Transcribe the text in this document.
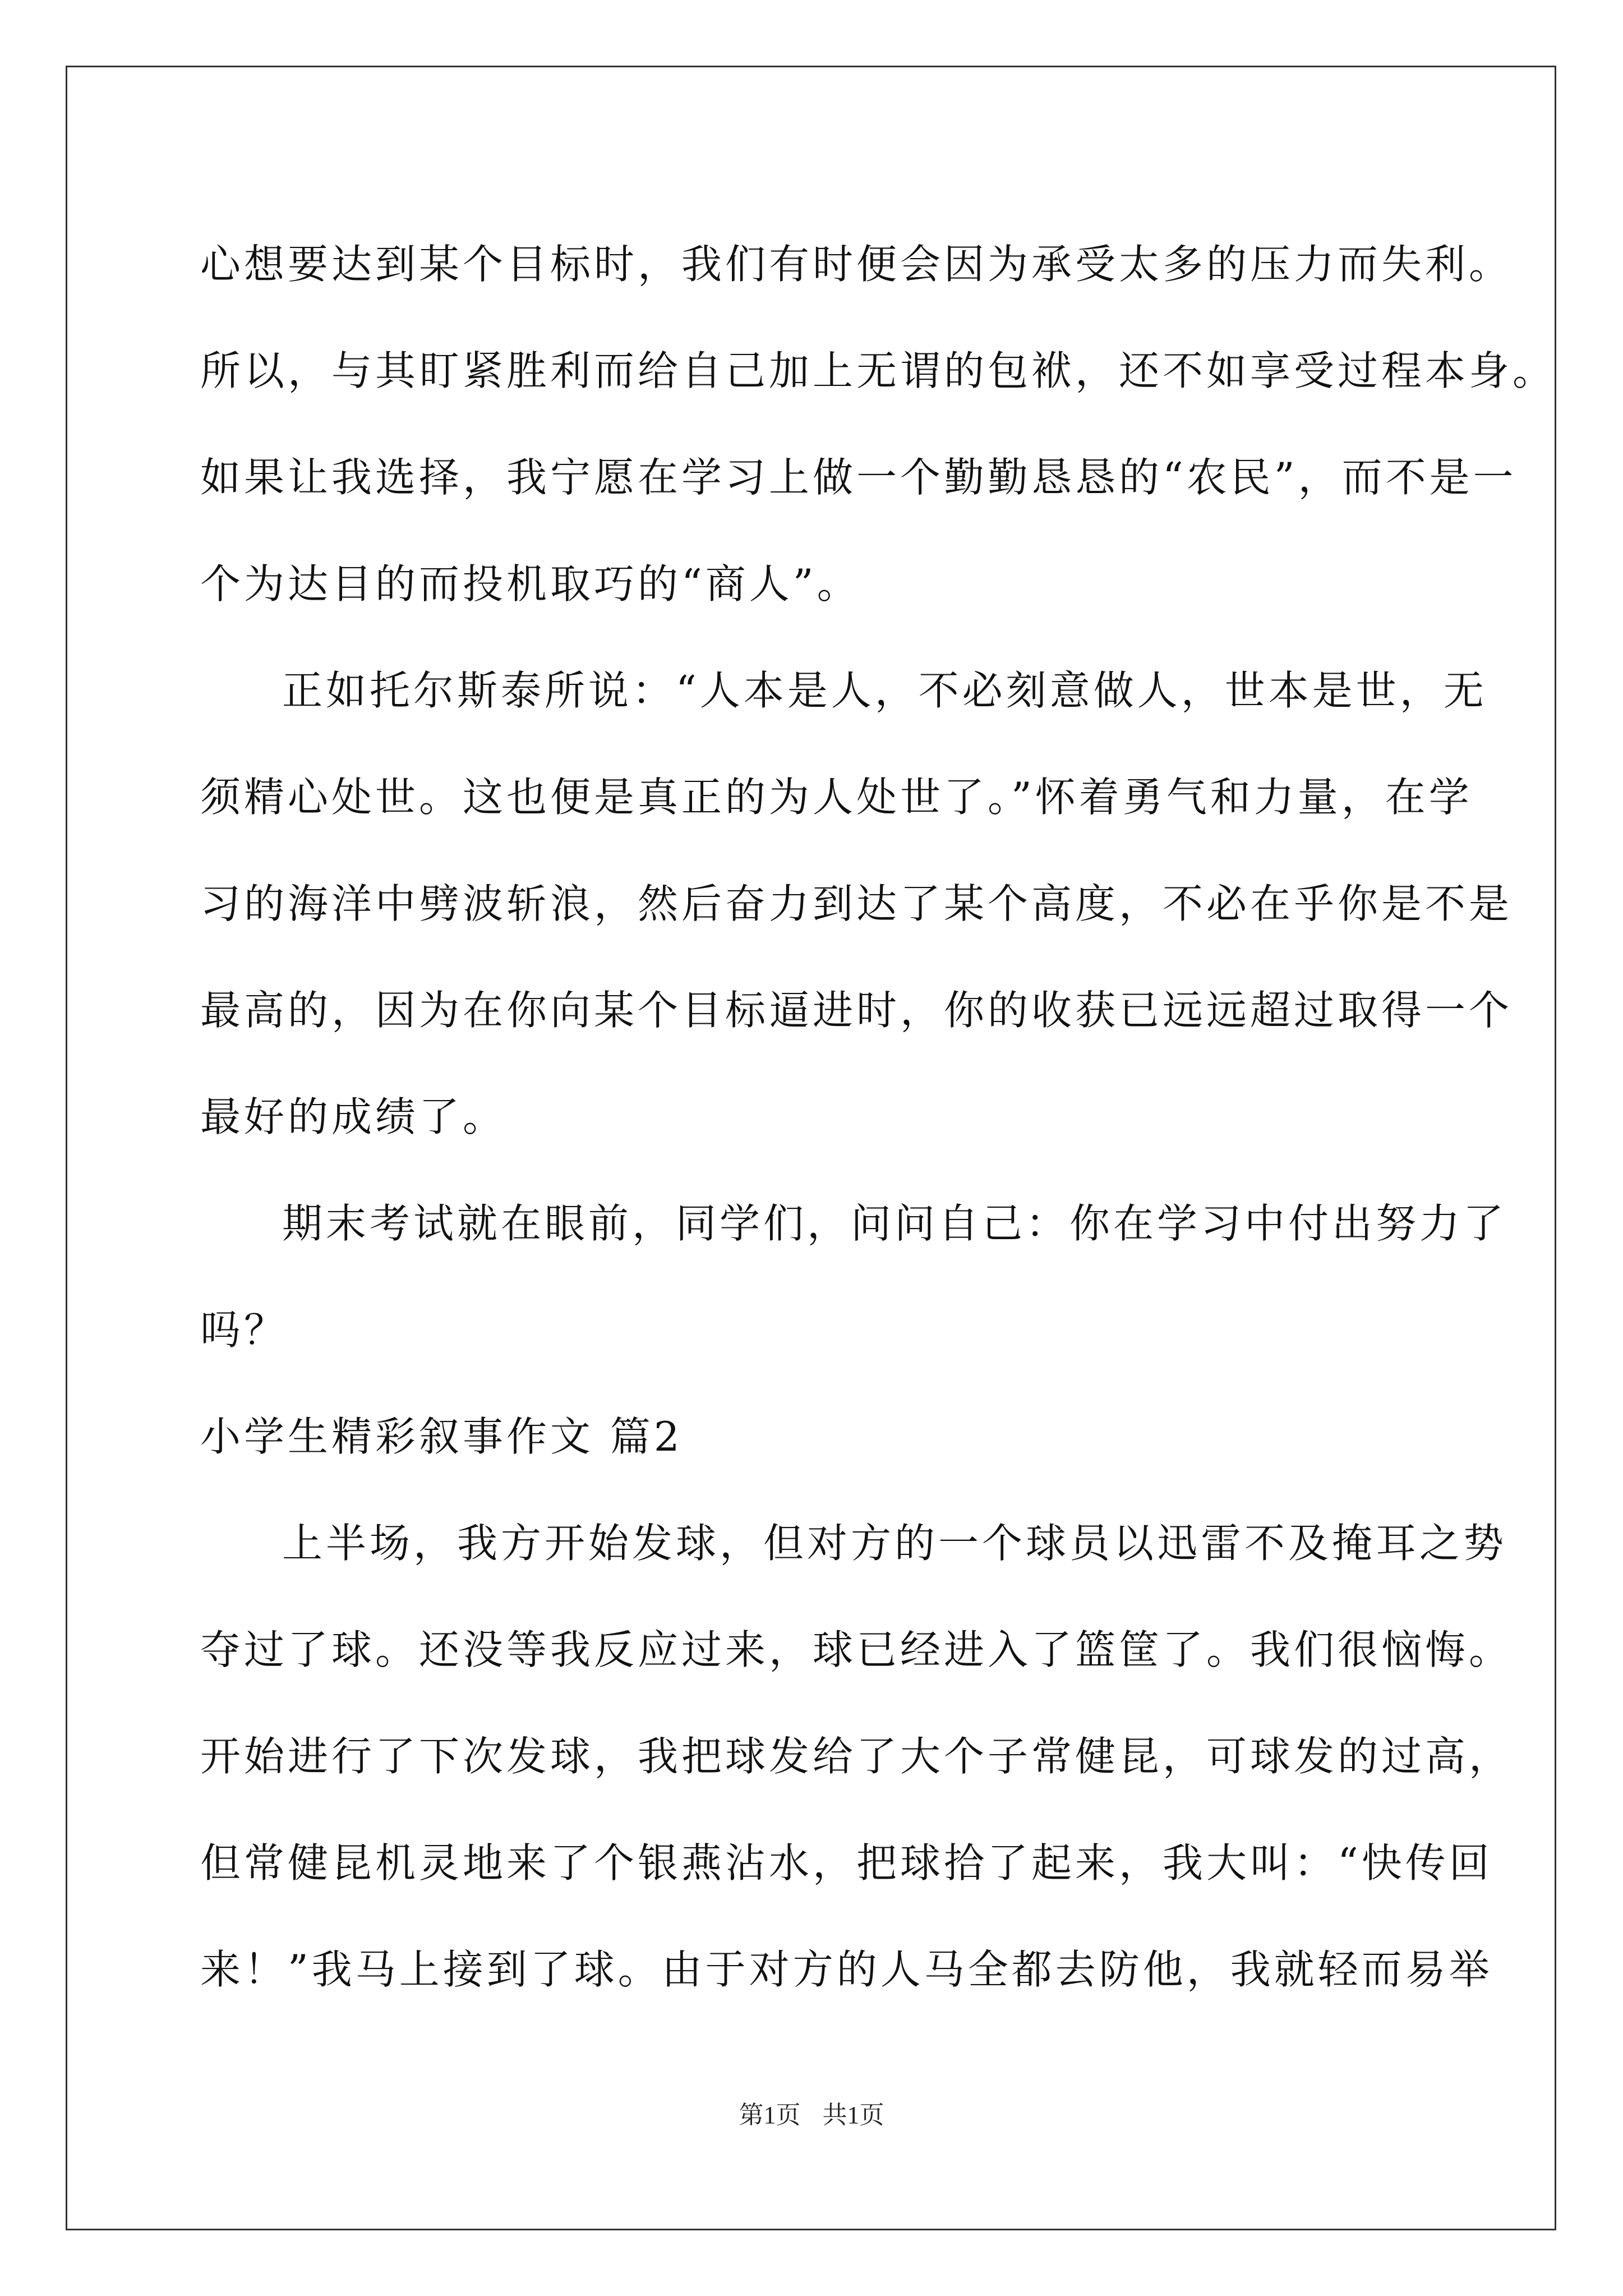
心想要达到某个目标时，我们有时便会因为承受太多的压力而失利。
所以，与其盯紧胜利而给自己加上无谓的包袱，还不如享受过程本身。
如果让我选择，我宁愿在学习上做一个勤勤恳恳的“农民”，而不是一
个为达目的而投机取巧的“商人”。
正如托尔斯泰所说：“人本是人，不必刻意做人，世本是世，无
须精心处世。这也便是真正的为人处世了。”怀着勇气和力量，在学
习的海洋中劈波斩浪，然后奋力到达了某个高度，不必在乎你是不是
最高的，因为在你向某个目标逼进时，你的收获已远远超过取得一个
最好的成绩了。
期末考试就在眼前，同学们，问问自己：你在学习中付出努力了
吗？
小学生精彩叙事作文 篇2
上半场，我方开始发球，但对方的一个球员以迅雷不及掩耳之势
夺过了球。还没等我反应过来，球已经进入了篮筐了。我们很恼悔。
开始进行了下次发球，我把球发给了大个子常健昆，可球发的过高，
但常健昆机灵地来了个银燕沾水，把球拾了起来，我大叫：“快传回
来！”我马上接到了球。由于对方的人马全都去防他，我就轻而易举
第1页 共1页
